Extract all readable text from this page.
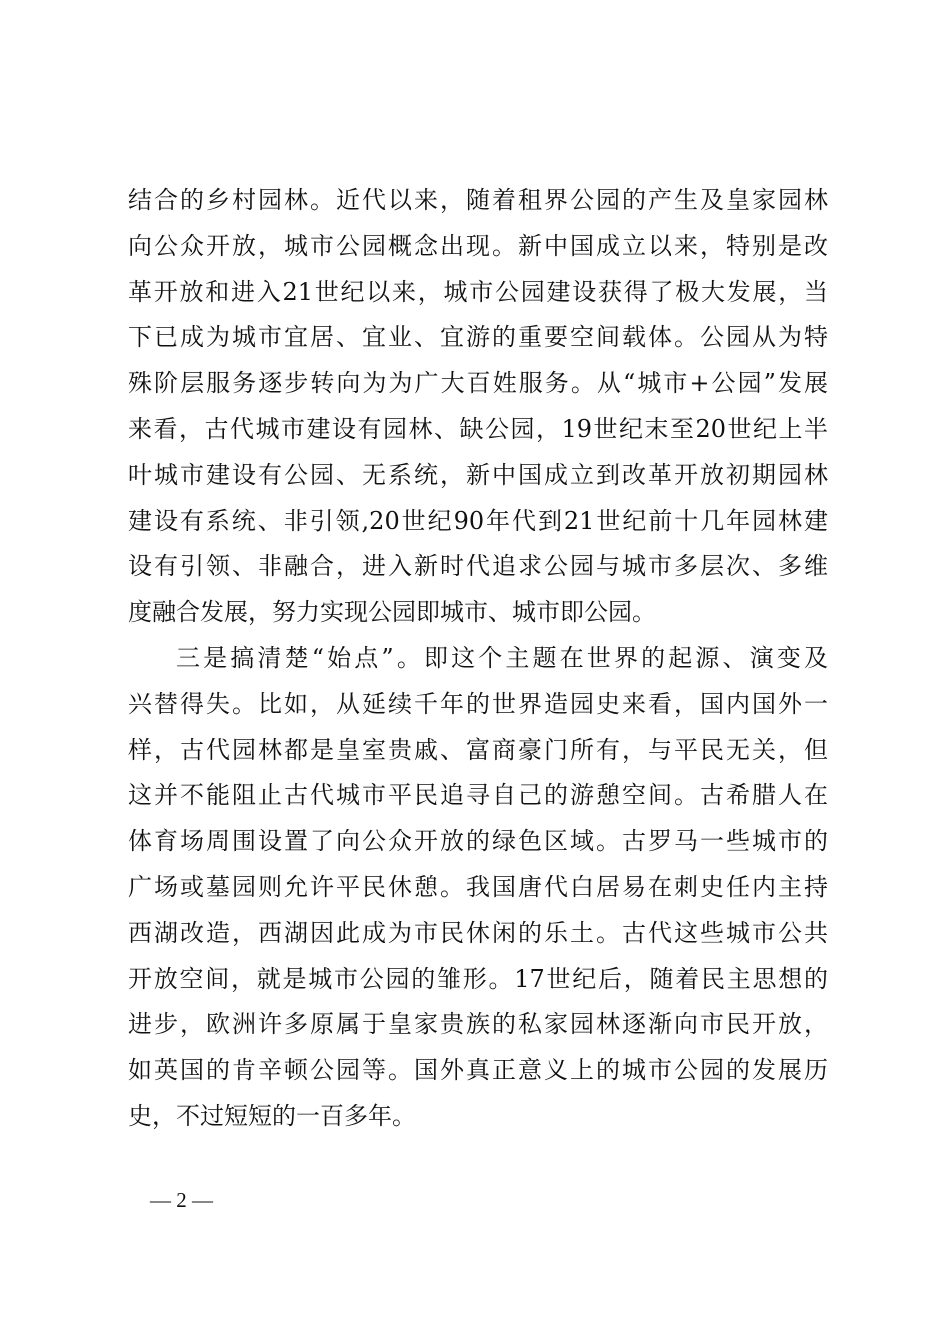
结合的乡村园林。近代以来，随着租界公园的产生及皇家园林
向公众开放，城市公园概念出现。新中国成立以来，特别是改
革开放和进入21世纪以来，城市公园建设获得了极大发展，当
下已成为城市宜居、宜业、宜游的重要空间载体。公园从为特
殊阶层服务逐步转向为为广大百姓服务。从“城市+公园”发展
来看，古代城市建设有园林、缺公园，19世纪末至20世纪上半
叶城市建设有公园、无系统，新中国成立到改革开放初期园林
建设有系统、非引领,20世纪90年代到21世纪前十几年园林建
设有引领、非融合，进入新时代追求公园与城市多层次、多维
度融合发展，努力实现公园即城市、城市即公园。
三是搞清楚“始点”。即这个主题在世界的起源、演变及
兴替得失。比如，从延续千年的世界造园史来看，国内国外一
样，古代园林都是皇室贵戚、富商豪门所有，与平民无关，但
这并不能阻止古代城市平民追寻自己的游憩空间。古希腊人在
体育场周围设置了向公众开放的绿色区域。古罗马一些城市的
广场或墓园则允许平民休憩。我国唐代白居易在刺史任内主持
西湖改造，西湖因此成为市民休闲的乐土。古代这些城市公共
开放空间，就是城市公园的雏形。17世纪后，随着民主思想的
进步，欧洲许多原属于皇家贵族的私家园林逐渐向市民开放，
如英国的肯辛顿公园等。国外真正意义上的城市公园的发展历
史，不过短短的一百多年。
— 2 —
